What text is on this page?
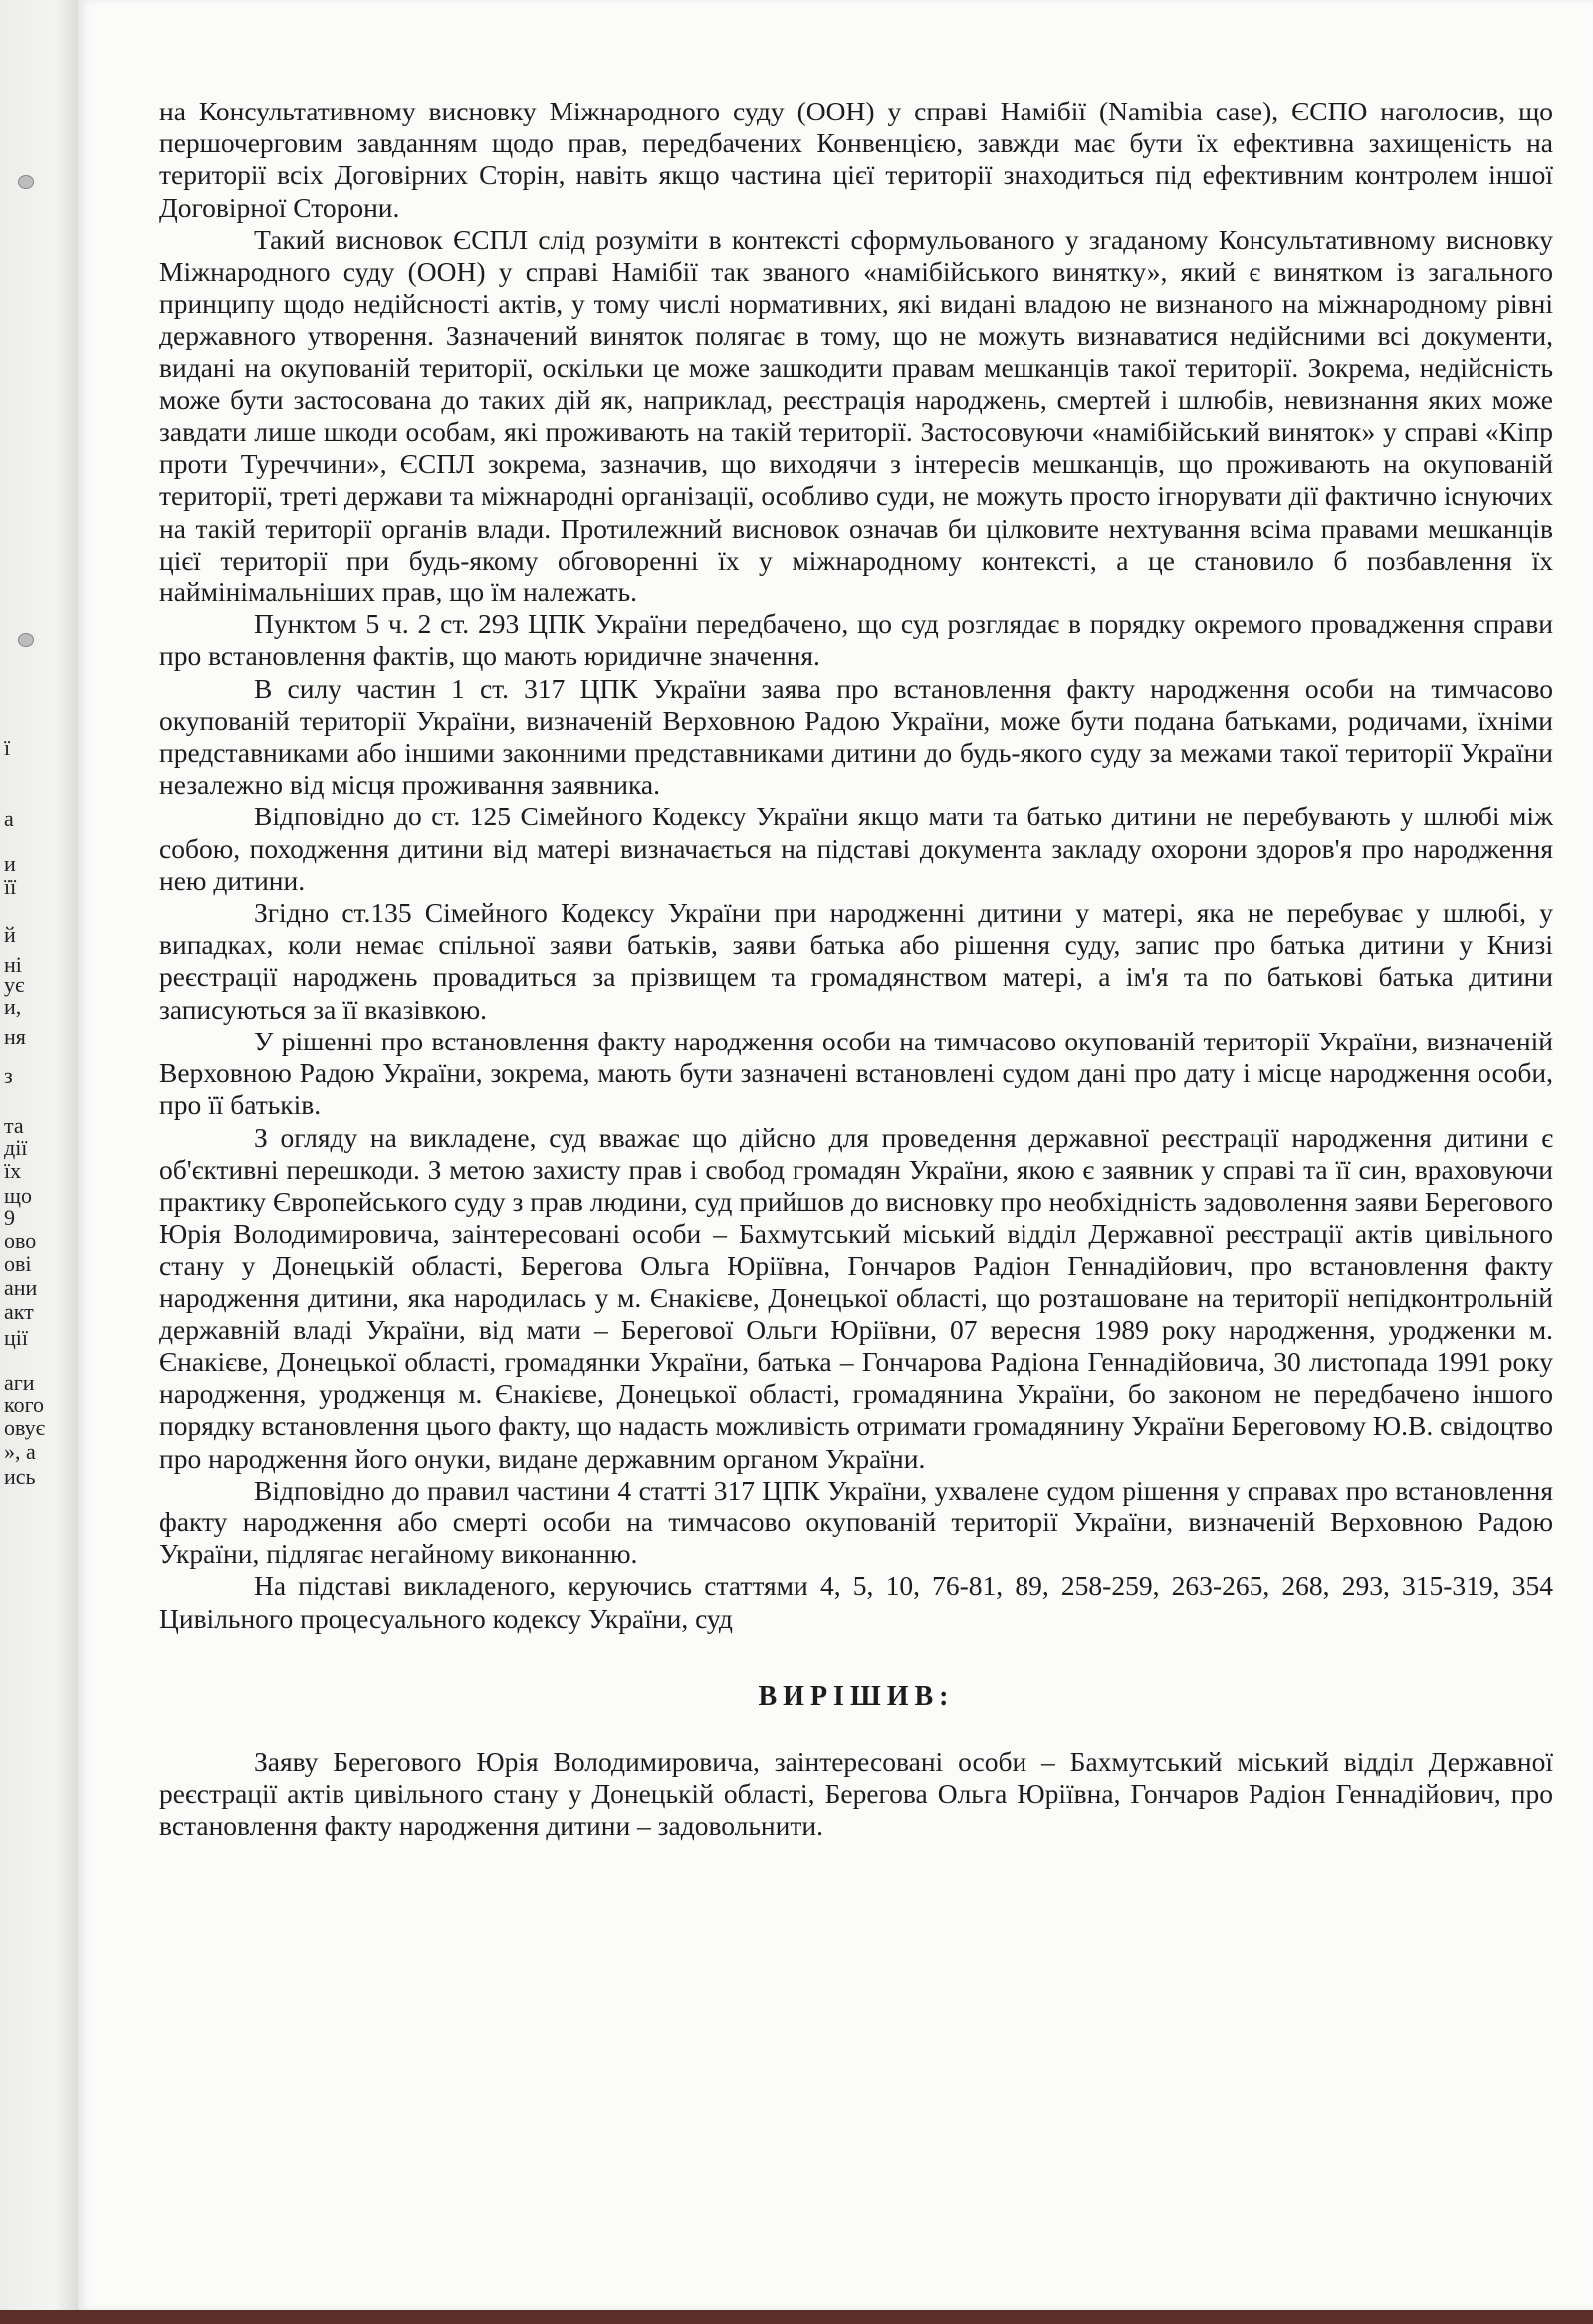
ї
а
и
її
й
ні
ує
и,
ня
з
та
дії
їх
що
9
ово
ові
ани
акт
ції
аги
кого
овує
», а
ись

на Консультативному висновку Міжнародного суду (ООН) у справі Намібії (Namibia case), ЄСПО наголосив, що першочерговим завданням щодо прав, передбачених Конвенцією, завжди має бути їх ефективна захищеність на території всіх Договірних Сторін, навіть якщо частина цієї території знаходиться під ефективним контролем іншої Договірної Сторони.

Такий висновок ЄСПЛ слід розуміти в контексті сформульованого у згаданому Консультативному висновку Міжнародного суду (ООН) у справі Намібії так званого «намібійського винятку», який є винятком із загального принципу щодо недійсності актів, у тому числі нормативних, які видані владою не визнаного на міжнародному рівні державного утворення. Зазначений виняток полягає в тому, що не можуть визнаватися недійсними всі документи, видані на окупованій території, оскільки це може зашкодити правам мешканців такої території. Зокрема, недійсність може бути застосована до таких дій як, наприклад, реєстрація народжень, смертей і шлюбів, невизнання яких може завдати лише шкоди особам, які проживають на такій території. Застосовуючи «намібійський виняток» у справі «Кіпр проти Туреччини», ЄСПЛ зокрема, зазначив, що виходячи з інтересів мешканців, що проживають на окупованій території, треті держави та міжнародні організації, особливо суди, не можуть просто ігнорувати дії фактично існуючих на такій території органів влади. Протилежний висновок означав би цілковите нехтування всіма правами мешканців цієї території при будь-якому обговоренні їх у міжнародному контексті, а це становило б позбавлення їх наймінімальніших прав, що їм належать.

Пунктом 5 ч. 2 ст. 293 ЦПК України передбачено, що суд розглядає в порядку окремого провадження справи про встановлення фактів, що мають юридичне значення.

В силу частин 1 ст. 317 ЦПК України заява про встановлення факту народження особи на тимчасово окупованій території України, визначеній Верховною Радою України, може бути подана батьками, родичами, їхніми представниками або іншими законними представниками дитини до будь-якого суду за межами такої території України незалежно від місця проживання заявника.

Відповідно до ст. 125 Сімейного Кодексу України якщо мати та батько дитини не перебувають у шлюбі між собою, походження дитини від матері визначається на підставі документа закладу охорони здоров'я про народження нею дитини.

Згідно ст.135 Сімейного Кодексу України при народженні дитини у матері, яка не перебуває у шлюбі, у випадках, коли немає спільної заяви батьків, заяви батька або рішення суду, запис про батька дитини у Книзі реєстрації народжень провадиться за прізвищем та громадянством матері, а ім'я та по батькові батька дитини записуються за її вказівкою.

У рішенні про встановлення факту народження особи на тимчасово окупованій території України, визначеній Верховною Радою України, зокрема, мають бути зазначені встановлені судом дані про дату і місце народження особи, про її батьків.

З огляду на викладене, суд вважає що дійсно для проведення державної реєстрації народження дитини є об'єктивні перешкоди. З метою захисту прав і свобод громадян України, якою є заявник у справі та її син, враховуючи практику Європейського суду з прав людини, суд прийшов до висновку про необхідність задоволення заяви Берегового Юрія Володимировича, заінтересовані особи – Бахмутський міський відділ Державної реєстрації актів цивільного стану у Донецькій області, Берегова Ольга Юріївна, Гончаров Радіон Геннадійович, про встановлення факту народження дитини, яка народилась у м. Єнакієве, Донецької області, що розташоване на території непідконтрольній державній владі України, від мати – Берегової Ольги Юріївни, 07 вересня 1989 року народження, уродженки м. Єнакієве, Донецької області, громадянки України, батька – Гончарова Радіона Геннадійовича, 30 листопада 1991 року народження, уродженця м. Єнакієве, Донецької області, громадянина України, бо законом не передбачено іншого порядку встановлення цього факту, що надасть можливість отримати громадянину України Береговому Ю.В. свідоцтво про народження його онуки, видане державним органом України.

Відповідно до правил частини 4 статті 317 ЦПК України, ухвалене судом рішення у справах про встановлення факту народження або смерті особи на тимчасово окупованій території України, визначеній Верховною Радою України, підлягає негайному виконанню.

На підставі викладеного, керуючись статтями 4, 5, 10, 76-81, 89, 258-259, 263-265, 268, 293, 315-319, 354 Цивільного процесуального кодексу України, суд

ВИРІШИВ:

Заяву Берегового Юрія Володимировича, заінтересовані особи – Бахмутський міський відділ Державної реєстрації актів цивільного стану у Донецькій області, Берегова Ольга Юріївна, Гончаров Радіон Геннадійович, про встановлення факту народження дитини – задовольнити.
